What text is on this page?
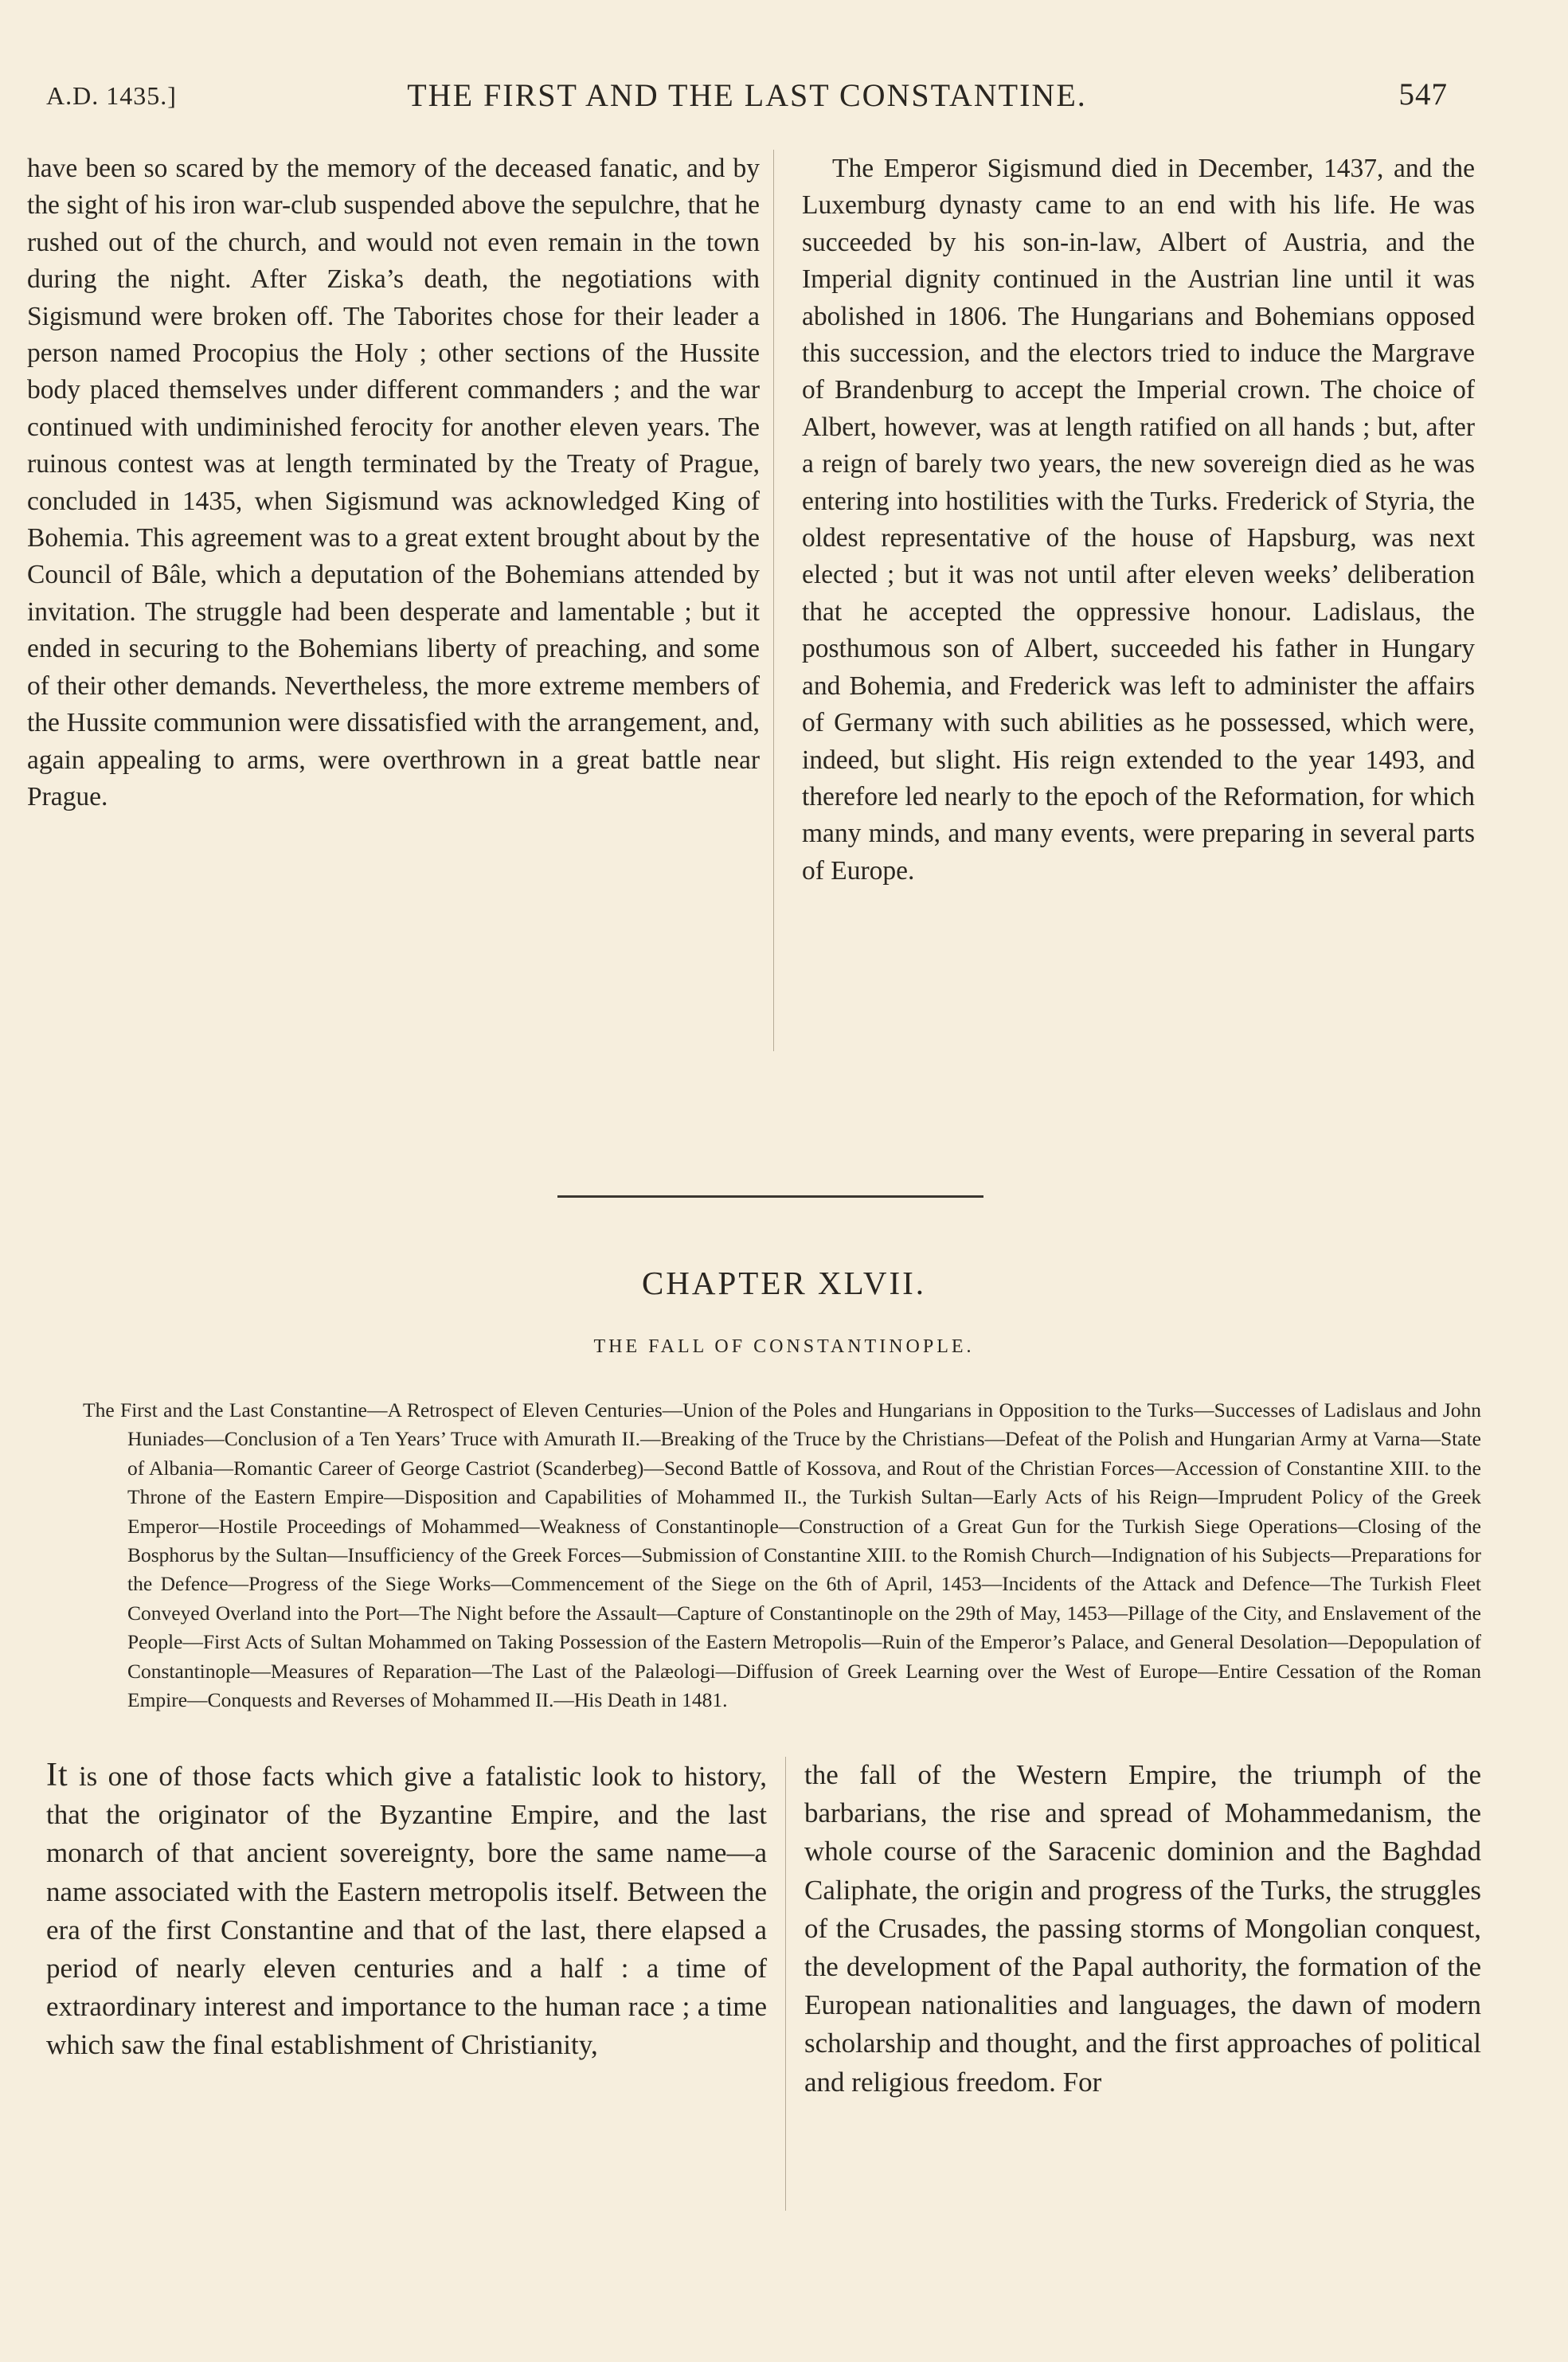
A.D. 1435.]	THE FIRST AND THE LAST CONSTANTINE.	547

have been so scared by the memory of the deceased fanatic, and by the sight of his iron war-club suspended above the sepulchre, that he rushed out of the church, and would not even remain in the town during the night. After Ziska’s death, the negotiations with Sigismund were broken off. The Taborites chose for their leader a person named Procopius the Holy ; other sections of the Hussite body placed themselves under different commanders ; and the war continued with undiminished ferocity for another eleven years. The ruinous contest was at length terminated by the Treaty of Prague, concluded in 1435, when Sigismund was acknowledged King of Bohemia. This agreement was to a great extent brought about by the Council of Bâle, which a deputation of the Bohemians attended by invitation. The struggle had been desperate and lamentable ; but it ended in securing to the Bohemians liberty of preaching, and some of their other demands. Nevertheless, the more extreme members of the Hussite communion were dissatisfied with the arrangement, and, again appealing to arms, were overthrown in a great battle near Prague.

The Emperor Sigismund died in December, 1437, and the Luxemburg dynasty came to an end with his life. He was succeeded by his son-in-law, Albert of Austria, and the Imperial dignity continued in the Austrian line until it was abolished in 1806. The Hungarians and Bohemians opposed this succession, and the electors tried to induce the Margrave of Brandenburg to accept the Imperial crown. The choice of Albert, however, was at length ratified on all hands ; but, after a reign of barely two years, the new sovereign died as he was entering into hostilities with the Turks. Frederick of Styria, the oldest representative of the house of Hapsburg, was next elected ; but it was not until after eleven weeks’ deliberation that he accepted the oppressive honour. Ladislaus, the posthumous son of Albert, succeeded his father in Hungary and Bohemia, and Frederick was left to administer the affairs of Germany with such abilities as he possessed, which were, indeed, but slight. His reign extended to the year 1493, and therefore led nearly to the epoch of the Reformation, for which many minds, and many events, were preparing in several parts of Europe.

CHAPTER XLVII.
THE FALL OF CONSTANTINOPLE.
The First and the Last Constantine—A Retrospect of Eleven Centuries—Union of the Poles and Hungarians in Opposition to the Turks—Successes of Ladislaus and John Huniades—Conclusion of a Ten Years’ Truce with Amurath II.—Breaking of the Truce by the Christians—Defeat of the Polish and Hungarian Army at Varna—State of Albania—Romantic Career of George Castriot (Scanderbeg)—Second Battle of Kossova, and Rout of the Christian Forces—Accession of Constantine XIII. to the Throne of the Eastern Empire—Disposition and Capabilities of Mohammed II., the Turkish Sultan—Early Acts of his Reign—Imprudent Policy of the Greek Emperor—Hostile Proceedings of Mohammed—Weakness of Constantinople—Construction of a Great Gun for the Turkish Siege Operations—Closing of the Bosphorus by the Sultan—Insufficiency of the Greek Forces—Submission of Constantine XIII. to the Romish Church—Indignation of his Subjects—Preparations for the Defence—Progress of the Siege Works—Commencement of the Siege on the 6th of April, 1453—Incidents of the Attack and Defence—The Turkish Fleet Conveyed Overland into the Port—The Night before the Assault—Capture of Constantinople on the 29th of May, 1453—Pillage of the City, and Enslavement of the People—First Acts of Sultan Mohammed on Taking Possession of the Eastern Metropolis—Ruin of the Emperor’s Palace, and General Desolation—Depopulation of Constantinople—Measures of Reparation—The Last of the Palæologi—Diffusion of Greek Learning over the West of Europe—Entire Cessation of the Roman Empire—Conquests and Reverses of Mohammed II.—His Death in 1481.

It is one of those facts which give a fatalistic look to history, that the originator of the Byzantine Empire, and the last monarch of that ancient sovereignty, bore the same name—a name associated with the Eastern metropolis itself. Between the era of the first Constantine and that of the last, there elapsed a period of nearly eleven centuries and a half : a time of extraordinary interest and importance to the human race ; a time which saw the final establishment of Christianity,

the fall of the Western Empire, the triumph of the barbarians, the rise and spread of Mohammedanism, the whole course of the Saracenic dominion and the Baghdad Caliphate, the origin and progress of the Turks, the struggles of the Crusades, the passing storms of Mongolian conquest, the development of the Papal authority, the formation of the European nationalities and languages, the dawn of modern scholarship and thought, and the first approaches of political and religious freedom. For
